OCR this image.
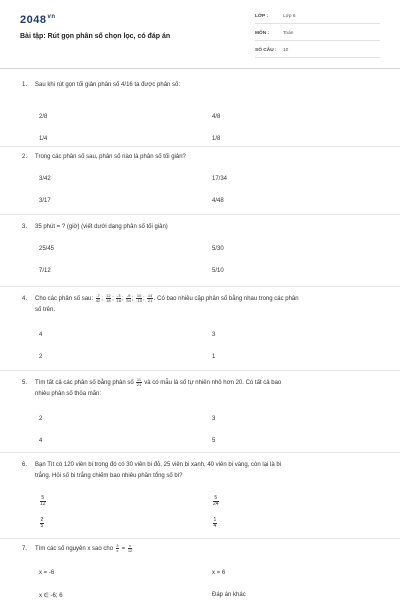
$2048^{vn}$
Bài tập: Rút gọn phân số chọn lọc, có đáp án
LỚP :	Lớp 6
MÔN :	Toán
SỐ CÂU :	10
1.	Sau khi rút gọn tối giản phân số 4/16 ta được phân số:
2/8	4/8
1/4	1/8
2.	Trong các phân số sau, phân số nào là phân số tối giản?
3/42	17/34
3/17	4/48
3.	35 phút = ? (giờ) (viết dưới dạng phân số tối giản)
25/45	5/30
7/12	5/10
4.	Cho các phân số sau: $\frac{-7}{42}$ ; $\frac{12}{18}$ ; $\frac{-3}{18}$ ; $\frac{-9}{54}$ ; $\frac{10}{-15}$ ; $\frac{14}{21}$ . Có bao nhiêu cặp phân số bằng nhau trong các phân
số trên.
4	3
2	1
5.	Tìm tất cả các phân số bằng phân số $\frac{11}{21}$ và có mẫu là số tự nhiên nhỏ hơn 20. Có tất cả bao
nhiêu phân số thỏa mãn:
2	3
4	5
6.	Bạn Tít có 120 viên bi trong đó có 30 viên bi đỏ, 25 viên bi xanh, 40 viên bi vàng, còn lại là bi
trắng. Hỏi số bi trắng chiếm bao nhiêu phần tổng số bi?
$\frac{5}{12}$	$\frac{5}{24}$
$\frac{2}{5}$	$\frac{1}{4}$
7.	Tìm các số nguyên x sao cho $\frac{3}{x} = \frac{x}{12}$
x = -6	x = 6
x ∈ -6; 6	Đáp án khác
